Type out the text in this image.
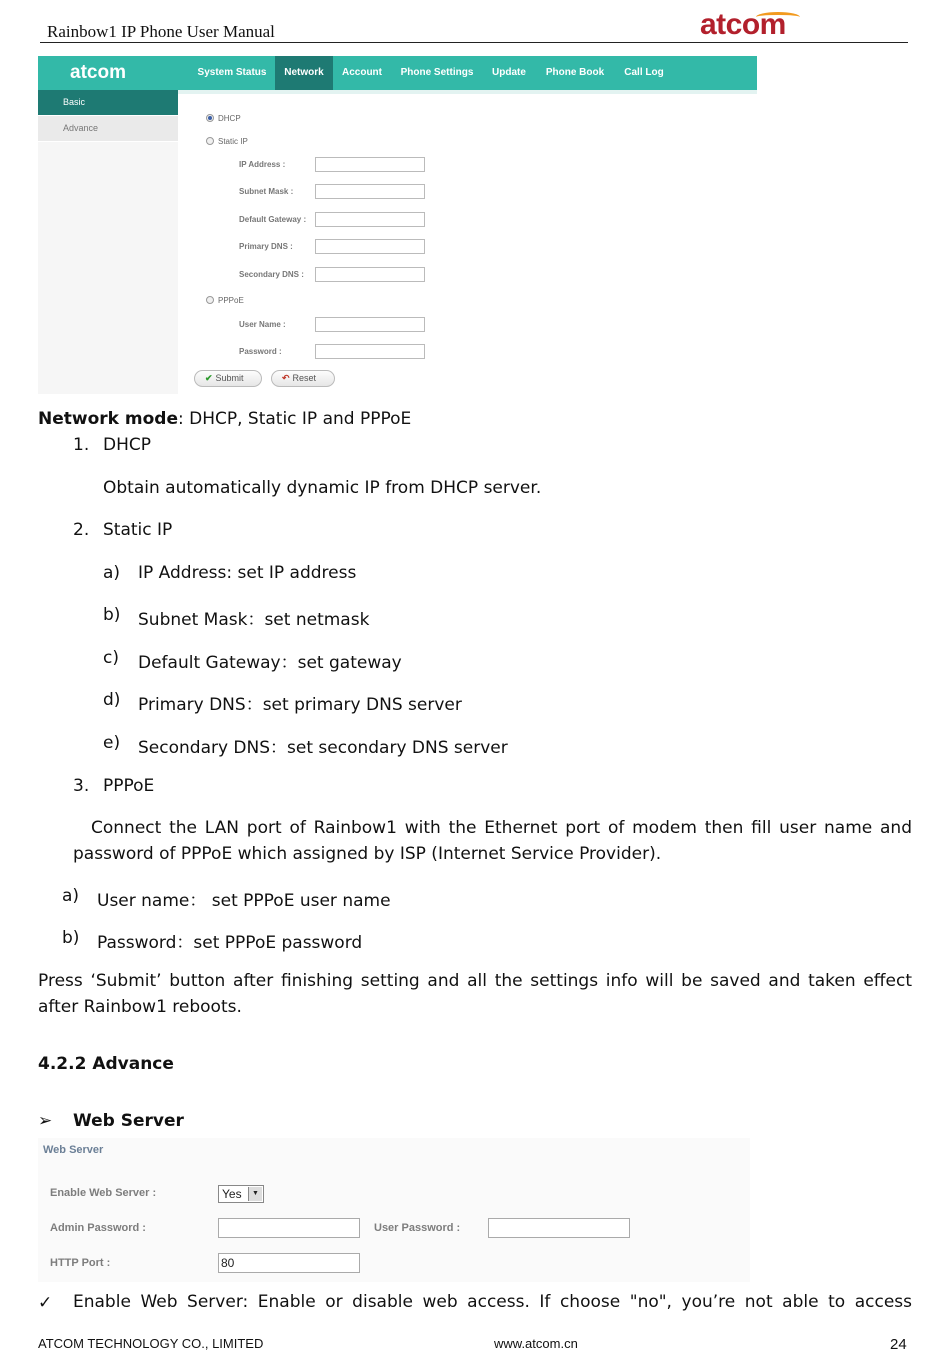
Rainbow1 IP Phone User Manual	atcom
atcom	System Status	Network	Account	Phone Settings	Update	Phone Book	Call Log
Basic
Advance
DHCP
Static IP
IP Address :
Subnet Mask :
Default Gateway :
Primary DNS :
Secondary DNS :
PPPoE
User Name :
Password :
✔ Submit	↶ Reset
Network mode: DHCP, Static IP and PPPoE
1. DHCP
Obtain automatically dynamic IP from DHCP server.
2. Static IP
a) IP Address: set IP address
b) Subnet Mask：set netmask
c) Default Gateway：set gateway
d) Primary DNS：set primary DNS server
e) Secondary DNS：set secondary DNS server
3. PPPoE
Connect the LAN port of Rainbow1 with the Ethernet port of modem then fill user name and password of PPPoE which assigned by ISP (Internet Service Provider).
a) User name： set PPPoE user name
b) Password：set PPPoE password
Press ‘Submit’ button after finishing setting and all the settings info will be saved and taken effect after Rainbow1 reboots.
4.2.2 Advance
➢ Web Server
Web Server
Enable Web Server :	Yes	▼
Admin Password :	User Password :
HTTP Port :	80
✓ Enable Web Server: Enable or disable web access. If choose "no", you’re not able to access
ATCOM TECHNOLOGY CO., LIMITED	www.atcom.cn	24
